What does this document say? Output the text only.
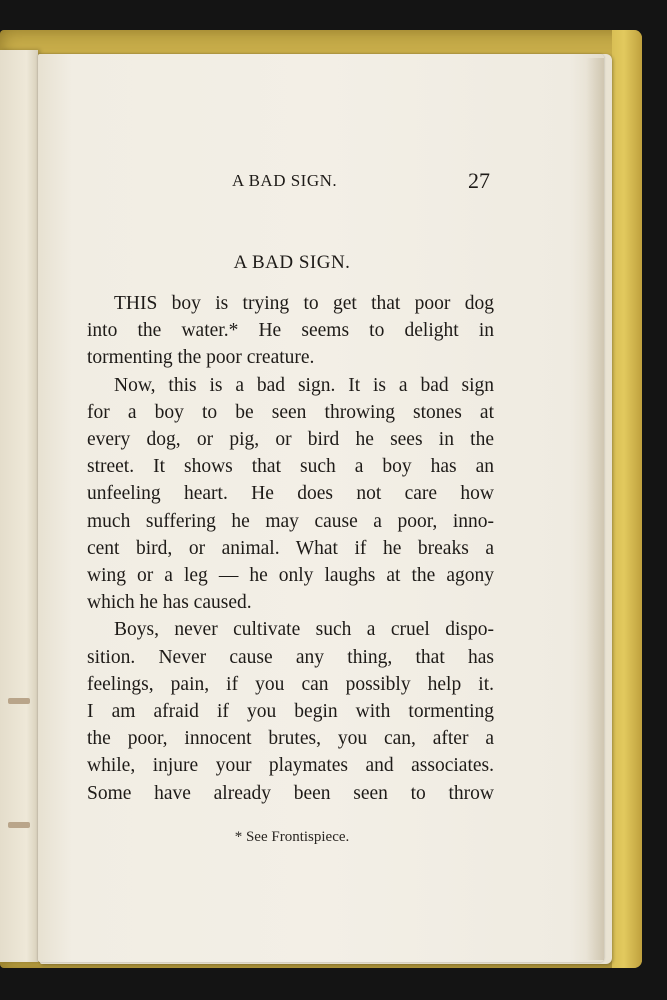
A BAD SIGN.	27
A BAD SIGN.
THIS boy is trying to get that poor dog
into the water.* He seems to delight in
tormenting the poor creature.
Now, this is a bad sign. It is a bad sign
for a boy to be seen throwing stones at
every dog, or pig, or bird he sees in the
street. It shows that such a boy has an
unfeeling heart. He does not care how
much suffering he may cause a poor, inno-
cent bird, or animal. What if he breaks a
wing or a leg — he only laughs at the agony
which he has caused.
Boys, never cultivate such a cruel dispo-
sition. Never cause any thing, that has
feelings, pain, if you can possibly help it.
I am afraid if you begin with tormenting
the poor, innocent brutes, you can, after a
while, injure your playmates and associates.
Some have already been seen to throw
* See Frontispiece.
